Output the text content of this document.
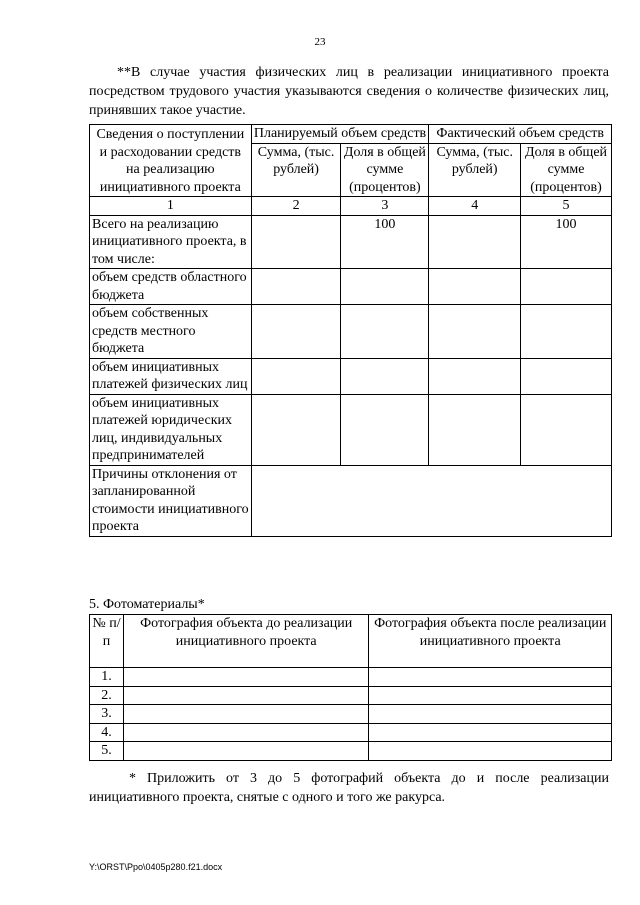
23
**В случае участия физических лиц в реализации инициативного проекта посредством трудового участия указываются сведения о количестве физических лиц, принявших такое участие.
Сведения о поступлении и расходовании средств на реализацию инициативного проекта	Планируемый объем средств		Фактический объем средств	
	Сумма, (тыс. рублей)	Доля в общей сумме (процентов)	Сумма, (тыс. рублей)	Доля в общей сумме (процентов)
1	2	3	4	5
Всего на реализацию инициативного проекта, в том числе:		100		100
объем средств областного бюджета				
объем собственных средств местного бюджета				
объем инициативных платежей физических лиц				
объем инициативных платежей юридических лиц, индивидуальных предпринимателей				
Причины отклонения от запланированной стоимости инициативного проекта				
5. Фотоматериалы*
№ п/п	Фотография объекта до реализации инициативного проекта	Фотография объекта после реализации инициативного проекта
1.		
2.		
3.		
4.		
5.		
* Приложить от 3 до 5 фотографий объекта до и после реализации инициативного проекта, снятые с одного и того же ракурса.
Y:\ORST\Ppo\0405p280.f21.docx
